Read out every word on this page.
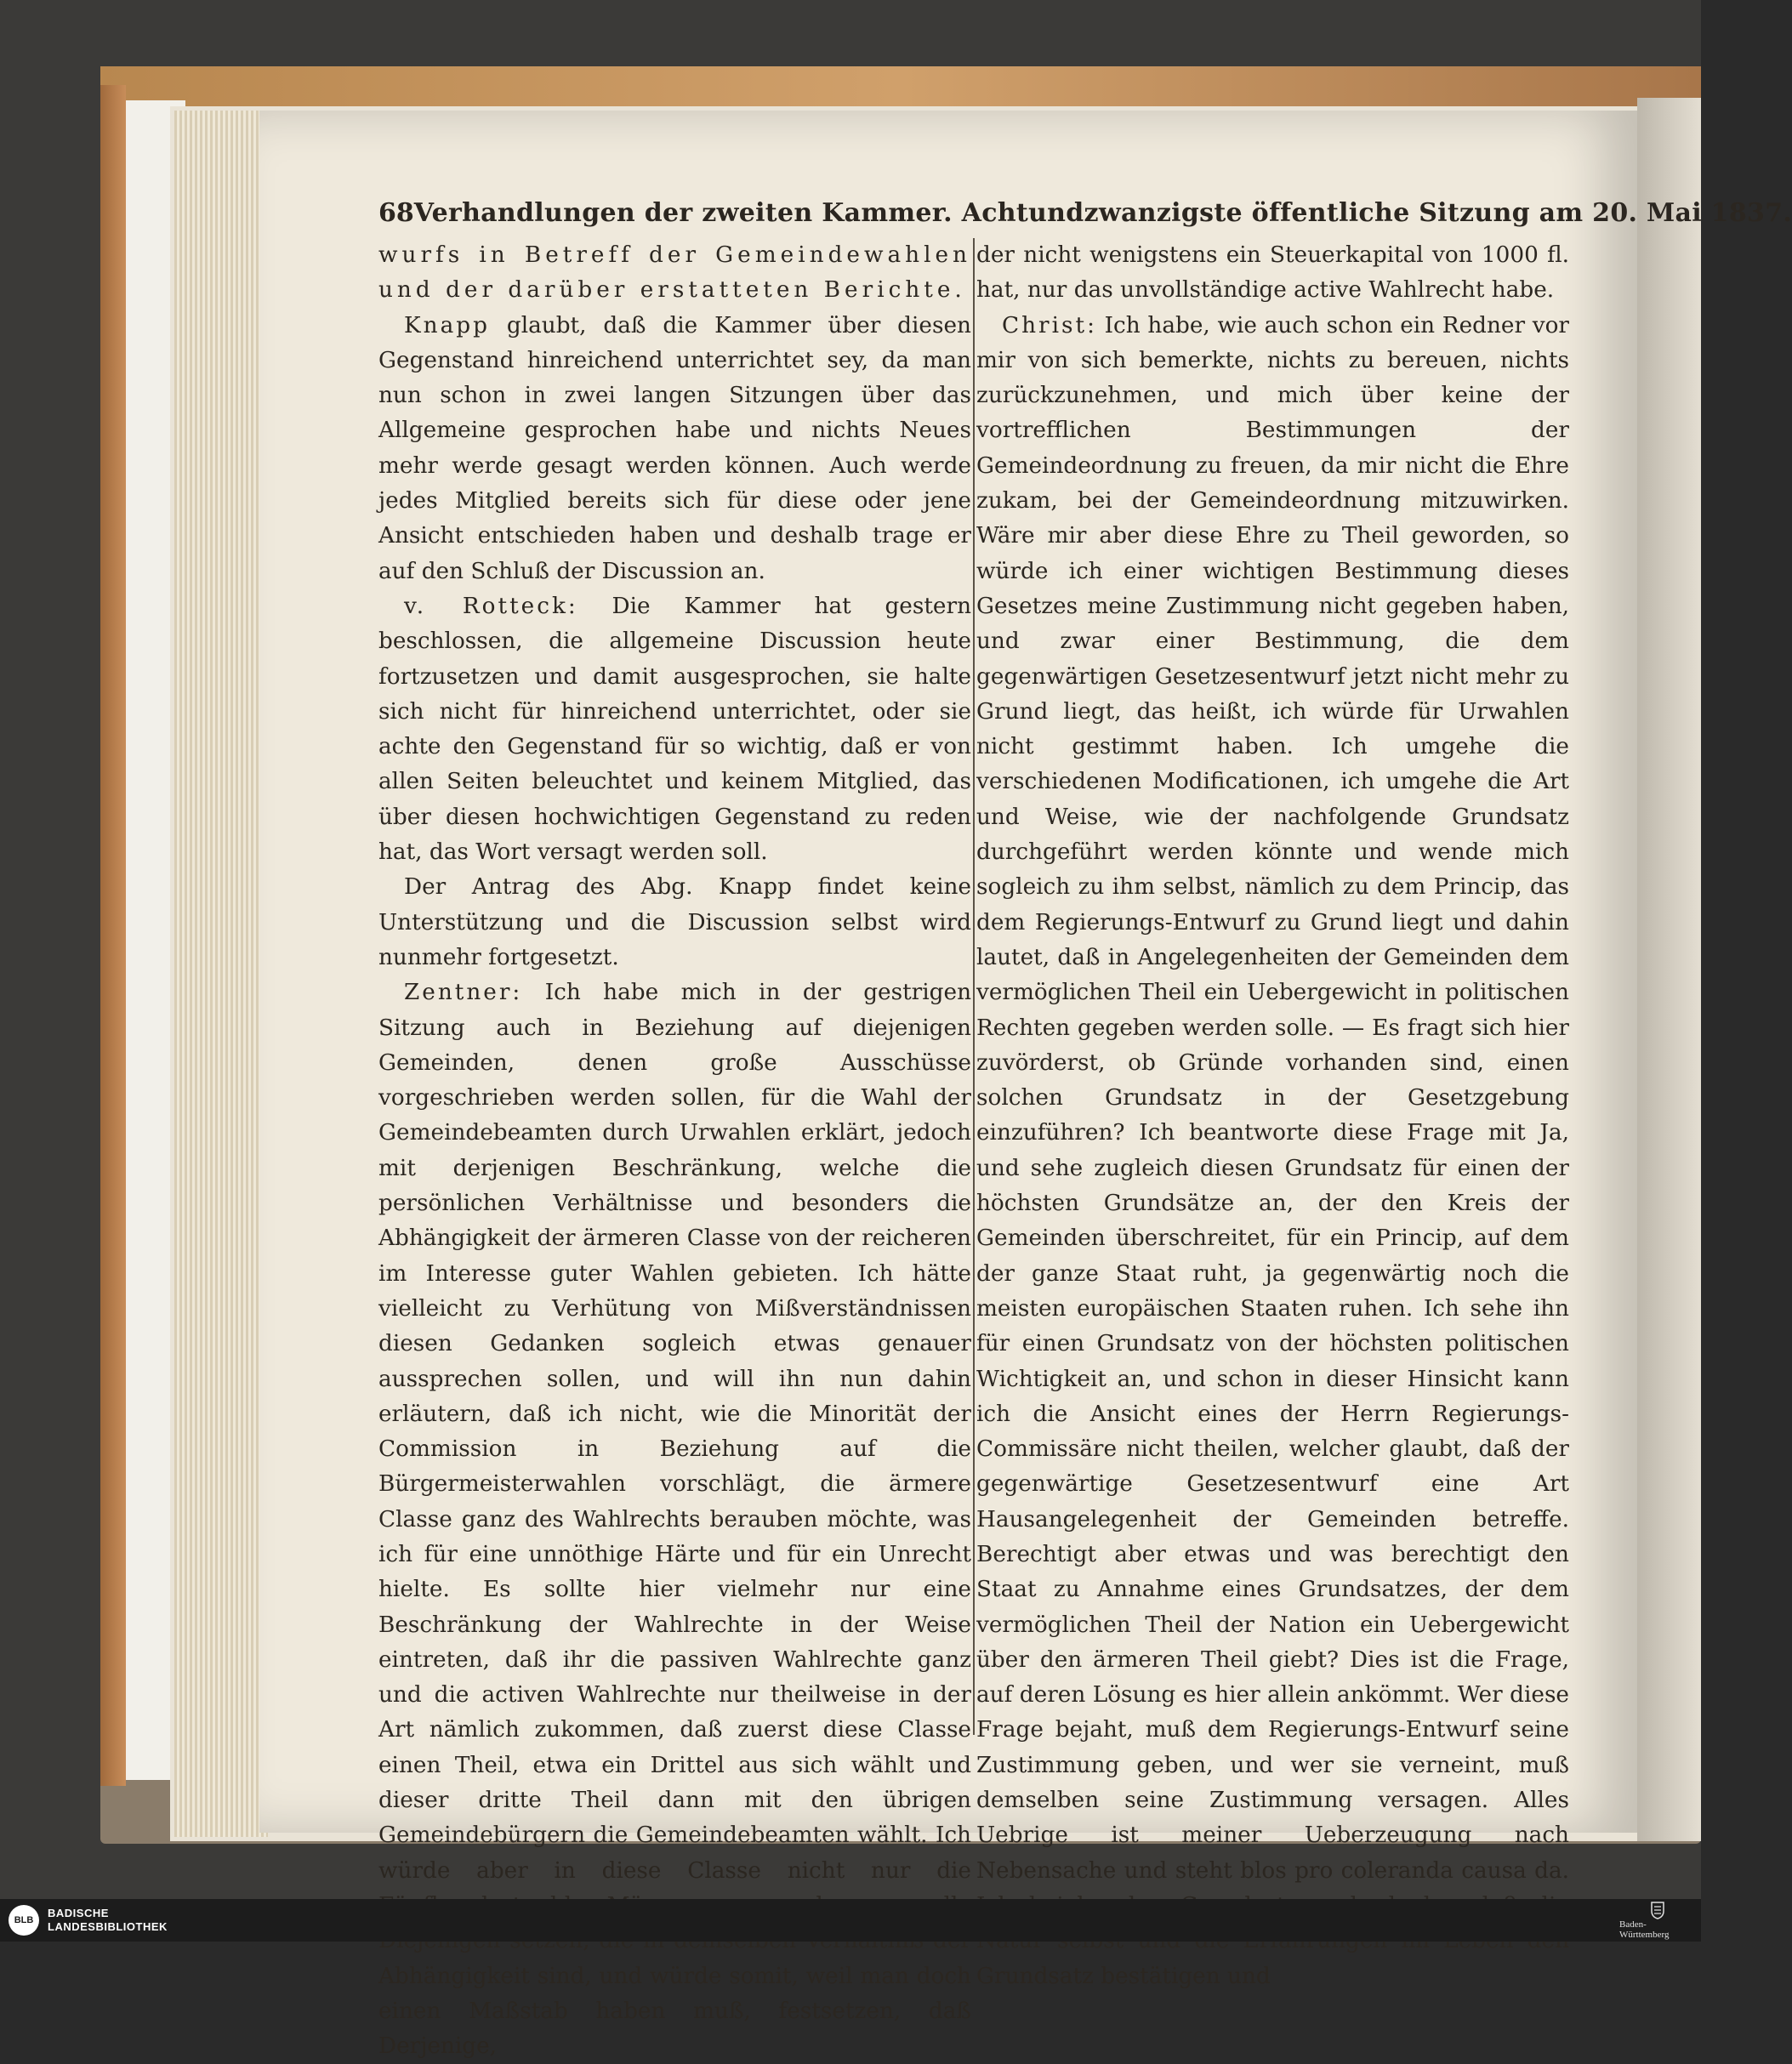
68 Verhandlungen der zweiten Kammer. Achtundzwanzigste öffentliche Sitzung am 20. Mai 1837.

wurfs in Betreff der Gemeindewahlen und der darüber erstatteten Berichte.

Knapp glaubt, daß die Kammer über diesen Gegenstand hinreichend unterrichtet sey, da man nun schon in zwei langen Sitzungen über das Allgemeine gesprochen habe und nichts Neues mehr werde gesagt werden können. Auch werde jedes Mitglied bereits sich für diese oder jene Ansicht entschieden haben und deshalb trage er auf den Schluß der Discussion an.

v. Rotteck: Die Kammer hat gestern beschlossen, die allgemeine Discussion heute fortzusetzen und damit ausgesprochen, sie halte sich nicht für hinreichend unterrichtet, oder sie achte den Gegenstand für so wichtig, daß er von allen Seiten beleuchtet und keinem Mitglied, das über diesen hochwichtigen Gegenstand zu reden hat, das Wort versagt werden soll.

Der Antrag des Abg. Knapp findet keine Unterstützung und die Discussion selbst wird nunmehr fortgesetzt.

Zentner: Ich habe mich in der gestrigen Sitzung auch in Beziehung auf diejenigen Gemeinden, denen große Ausschüsse vorgeschrieben werden sollen, für die Wahl der Gemeindebeamten durch Urwahlen erklärt, jedoch mit derjenigen Beschränkung, welche die persönlichen Verhältnisse und besonders die Abhängigkeit der ärmeren Classe von der reicheren im Interesse guter Wahlen gebieten. Ich hätte vielleicht zu Verhütung von Mißverständnissen diesen Gedanken sogleich etwas genauer aussprechen sollen, und will ihn nun dahin erläutern, daß ich nicht, wie die Minorität der Commission in Beziehung auf die Bürgermeisterwahlen vorschlägt, die ärmere Classe ganz des Wahlrechts berauben möchte, was ich für eine unnöthige Härte und für ein Unrecht hielte. Es sollte hier vielmehr nur eine Beschränkung der Wahlrechte in der Weise eintreten, daß ihr die passiven Wahlrechte ganz und die activen Wahlrechte nur theilweise in der Art nämlich zukommen, daß zuerst diese Classe einen Theil, etwa ein Drittel aus sich wählt und dieser dritte Theil dann mit den übrigen Gemeindebürgern die Gemeindebeamten wählt. Ich würde aber in diese Classe nicht nur die Abhängigkeit sind, und würde somit, weil man doch einen Maßstab haben muß, festsetzen, daß Derjenige,

der nicht wenigstens ein Steuerkapital von 1000 fl. hat, nur das unvollständige active Wahlrecht habe.

Christ: Ich habe, wie auch schon ein Redner vor mir von sich bemerkte, nichts zu bereuen, nichts zurückzunehmen, und mich über keine der vortrefflichen Bestimmungen der Gemeindeordnung zu freuen, da mir nicht die Ehre zukam, bei der Gemeindeordnung mitzuwirken. Wäre mir aber diese Ehre zu Theil geworden, so würde ich einer wichtigen Bestimmung dieses Gesetzes meine Zustimmung nicht gegeben haben, und zwar einer Bestimmung, die dem gegenwärtigen Gesetzesentwurf jetzt nicht mehr zu Grund liegt, das heißt, ich würde für Urwahlen nicht gestimmt haben. Ich umgehe die verschiedenen Modificationen, ich umgehe die Art und Weise, wie der nachfolgende Grundsatz durchgeführt werden könnte und wende mich sogleich zu ihm selbst, nämlich zu dem Princip, das dem Regierungs-Entwurf zu Grund liegt und dahin lautet, daß in Angelegenheiten der Gemeinden dem vermöglichen Theil ein Uebergewicht in politischen Rechten gegeben werden solle. — Es fragt sich hier zuvörderst, ob Gründe vorhanden sind, einen solchen Grundsatz in der Gesetzgebung einzuführen? Ich beantworte diese Frage mit Ja, und sehe zugleich diesen Grundsatz für einen der höchsten Grundsätze an, der den Kreis der Gemeinden überschreitet, für ein Princip, auf dem der ganze Staat ruht, ja gegenwärtig noch die meisten europäischen Staaten ruhen. Ich sehe ihn für einen Grundsatz von der höchsten politischen Wichtigkeit an, und schon in dieser Hinsicht kann ich die Ansicht eines der Herrn Regierungs-Commissäre nicht theilen, welcher glaubt, daß der gegenwärtige Gesetzesentwurf eine Art Hausangelegenheit der Gemeinden betreffe. Berechtigt aber etwas und was berechtigt den Staat zu Annahme eines Grundsatzes, der dem vermöglichen Theil der Nation ein Uebergewicht über den ärmeren Theil giebt? Dies ist die Frage, auf deren Lösung es hier allein ankömmt. Wer diese Frage bejaht, muß dem Regierungs-Entwurf seine Zustimmung geben, und wer sie verneint, muß demselben seine Zustimmung versagen. Alles Uebrige ist meiner Ueberzeugung nach Nebensache und steht blos pro coleranda causa da. Grundsatz bestätigen und

BLB
BADISCHE
LANDESBIBLIOTHEK	Baden-Württemberg
